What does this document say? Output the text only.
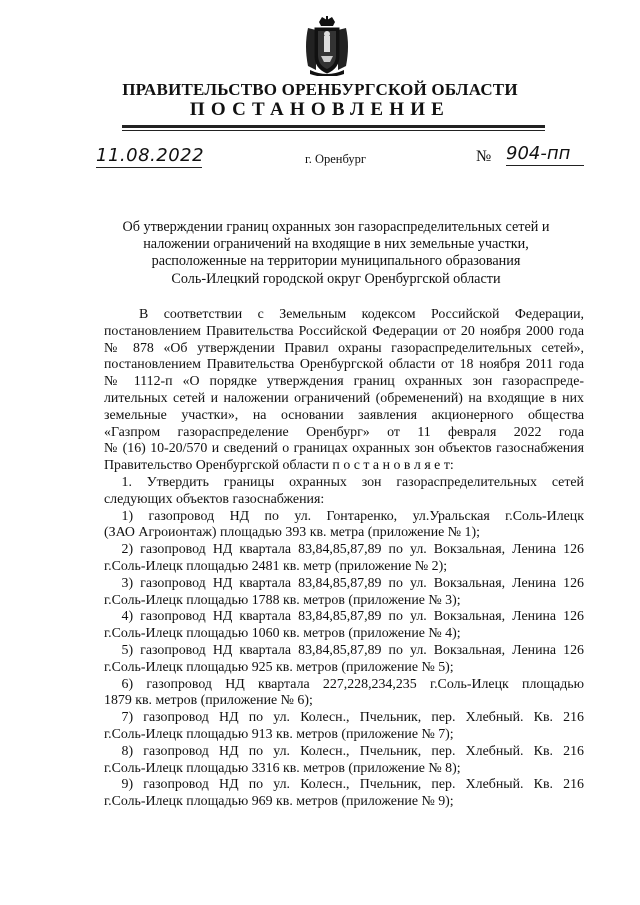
ПРАВИТЕЛЬСТВО ОРЕНБУРГСКОЙ ОБЛАСТИ
ПОСТАНОВЛЕНИЕ
11.08.2022	г. Оренбург	№ 904-пп
Об утверждении границ охранных зон газораспределительных сетей и
наложении ограничений на входящие в них земельные участки,
расположенные на территории муниципального образования
Соль-Илецкий городской округ Оренбургской области
В соответствии с Земельным кодексом Российской Федерации,
постановлением Правительства Российской Федерации от 20 ноября 2000 года
№ 878 «Об утверждении Правил охраны газораспределительных сетей»,
постановлением Правительства Оренбургской области от 18 ноября 2011 года
№ 1112-п «О порядке утверждения границ охранных зон газораспреде-
лительных сетей и наложении ограничений (обременений) на входящие в них
земельные участки», на основании заявления акционерного общества
«Газпром газораспределение Оренбург» от 11 февраля 2022 года
№ (16) 10-20/570 и сведений о границах охранных зон объектов газоснабжения
Правительство Оренбургской области п о с т а н о в л я е т:
1. Утвердить границы охранных зон газораспределительных сетей
следующих объектов газоснабжения:
1) газопровод НД по ул. Гонтаренко, ул.Уральская г.Соль-Илецк
(ЗАО Агроионтаж) площадью 393 кв. метра (приложение № 1);
2) газопровод НД квартала 83,84,85,87,89 по ул. Вокзальная, Ленина 126
г.Соль-Илецк площадью 2481 кв. метр (приложение № 2);
3) газопровод НД квартала 83,84,85,87,89 по ул. Вокзальная, Ленина 126
г.Соль-Илецк площадью 1788 кв. метров (приложение № 3);
4) газопровод НД квартала 83,84,85,87,89 по ул. Вокзальная, Ленина 126
г.Соль-Илецк площадью 1060 кв. метров (приложение № 4);
5) газопровод НД квартала 83,84,85,87,89 по ул. Вокзальная, Ленина 126
г.Соль-Илецк площадью 925 кв. метров (приложение № 5);
6) газопровод НД квартала 227,228,234,235 г.Соль-Илецк площадью
1879 кв. метров (приложение № 6);
7) газопровод НД по ул. Колесн., Пчельник, пер. Хлебный. Кв. 216
г.Соль-Илецк площадью 913 кв. метров (приложение № 7);
8) газопровод НД по ул. Колесн., Пчельник, пер. Хлебный. Кв. 216
г.Соль-Илецк площадью 3316 кв. метров (приложение № 8);
9) газопровод НД по ул. Колесн., Пчельник, пер. Хлебный. Кв. 216
г.Соль-Илецк площадью 969 кв. метров (приложение № 9);
